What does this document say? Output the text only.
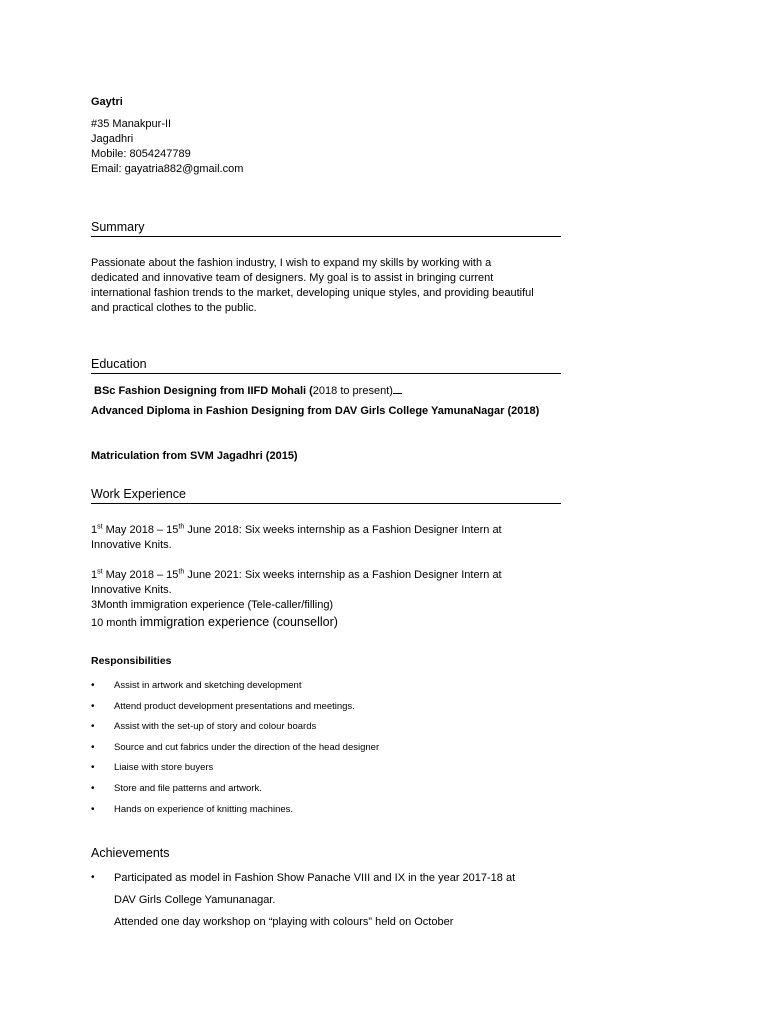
Gaytri
#35 Manakpur-II
Jagadhri
Mobile: 8054247789
Email: gayatria882@gmail.com
Summary
Passionate about the fashion industry, I wish to expand my skills by working with a dedicated and innovative team of designers. My goal is to assist in bringing current international fashion trends to the market, developing unique styles, and providing beautiful and practical clothes to the public.
Education
BSc Fashion Designing from IIFD Mohali (2018 to present)
Advanced Diploma in Fashion Designing from DAV Girls College YamunaNagar (2018)
Matriculation from SVM Jagadhri (2015)
Work Experience
1st May 2018 – 15th June 2018: Six weeks internship as a Fashion Designer Intern at
Innovative Knits.
1st May 2018 – 15th June 2021: Six weeks internship as a Fashion Designer Intern at
Innovative Knits.
3Month immigration experience (Tele-caller/filling)
10 month immigration experience (counsellor)
Responsibilities
• Assist in artwork and sketching development
• Attend product development presentations and meetings.
• Assist with the set-up of story and colour boards
• Source and cut fabrics under the direction of the head designer
• Liaise with store buyers
• Store and file patterns and artwork.
• Hands on experience of knitting machines.
Achievements
• Participated as model in Fashion Show Panache VIII and IX in the year 2017-18 at
DAV Girls College Yamunanagar.
Attended one day workshop on “playing with colours” held on October
